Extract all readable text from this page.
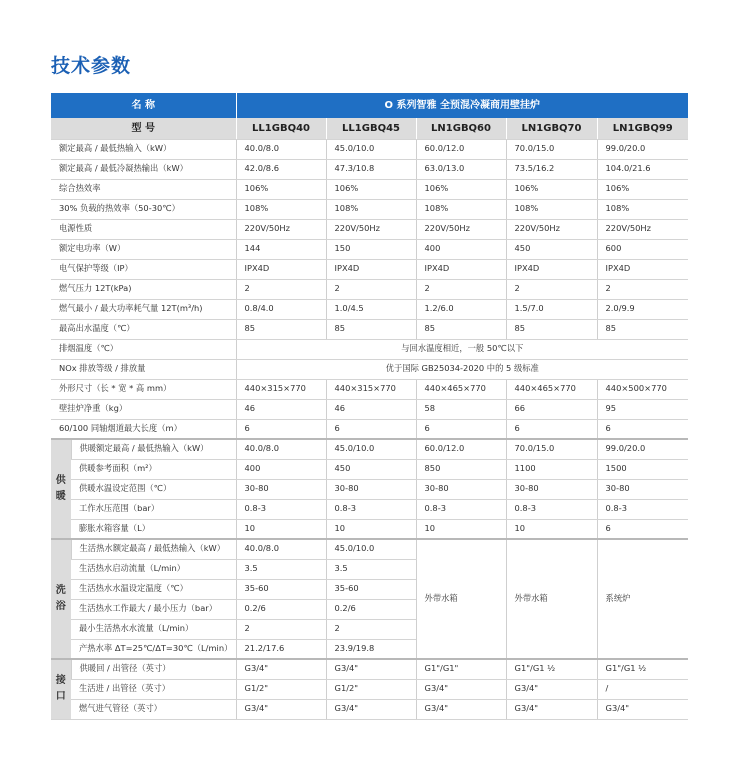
技术参数
名 称		O 系列智雅 全预混冷凝商用壁挂炉				
型 号		LL1GBQ40	LL1GBQ45	LN1GBQ60	LN1GBQ70	LN1GBQ99
额定最高 / 最低热输入（kW）		40.0/8.0	45.0/10.0	60.0/12.0	70.0/15.0	99.0/20.0
额定最高 / 最低冷凝热输出（kW）		42.0/8.6	47.3/10.8	63.0/13.0	73.5/16.2	104.0/21.6
综合热效率		106%	106%	106%	106%	106%
30% 负载的热效率（50-30℃）		108%	108%	108%	108%	108%
电源性质		220V/50Hz	220V/50Hz	220V/50Hz	220V/50Hz	220V/50Hz
额定电功率（W）		144	150	400	450	600
电气保护等级（IP）		IPX4D	IPX4D	IPX4D	IPX4D	IPX4D
燃气压力 12T(kPa)		2	2	2	2	2
燃气最小 / 最大功率耗气量 12T(m³/h)		0.8/4.0	1.0/4.5	1.2/6.0	1.5/7.0	2.0/9.9
最高出水温度（℃）		85	85	85	85	85
排烟温度（℃）		与回水温度相近，一般 50℃以下				
NOx 排放等级 / 排放量		优于国际 GB25034-2020 中的 5 级标准				
外形尺寸（长 * 宽 * 高 mm）		440×315×770	440×315×770	440×465×770	440×465×770	440×500×770
壁挂炉净重（kg）		46	46	58	66	95
60/100 同轴烟道最大长度（m）		6	6	6	6	6

供
暖	供暖额定最高 / 最低热输入（kW）	40.0/8.0	45.0/10.0	60.0/12.0	70.0/15.0	99.0/20.0
	供暖参考面积（m²）	400	450	850	1100	1500
	供暖水温设定范围（℃）	30-80	30-80	30-80	30-80	30-80
	工作水压范围（bar）	0.8-3	0.8-3	0.8-3	0.8-3	0.8-3
	膨胀水箱容量（L）	10	10	10	10	6

洗
浴	生活热水额定最高 / 最低热输入（kW）	40.0/8.0	45.0/10.0	外带水箱	外带水箱	系统炉
	生活热水启动流量（L/min）	3.5	3.5			
	生活热水水温设定温度（℃）	35-60	35-60			
	生活热水工作最大 / 最小压力（bar）	0.2/6	0.2/6			
	最小生活热水水流量（L/min）	2	2			
	产热水率 ΔT=25℃/ΔT=30℃（L/min）	21.2/17.6	23.9/19.8			

接
口	供暖回 / 出管径（英寸）	G3/4"	G3/4"	G1"/G1"	G1"/G1 ½	G1"/G1 ½
	生活进 / 出管径（英寸）	G1/2"	G1/2"	G3/4"	G3/4"	/
	燃气进气管径（英寸）	G3/4"	G3/4"	G3/4"	G3/4"	G3/4"
